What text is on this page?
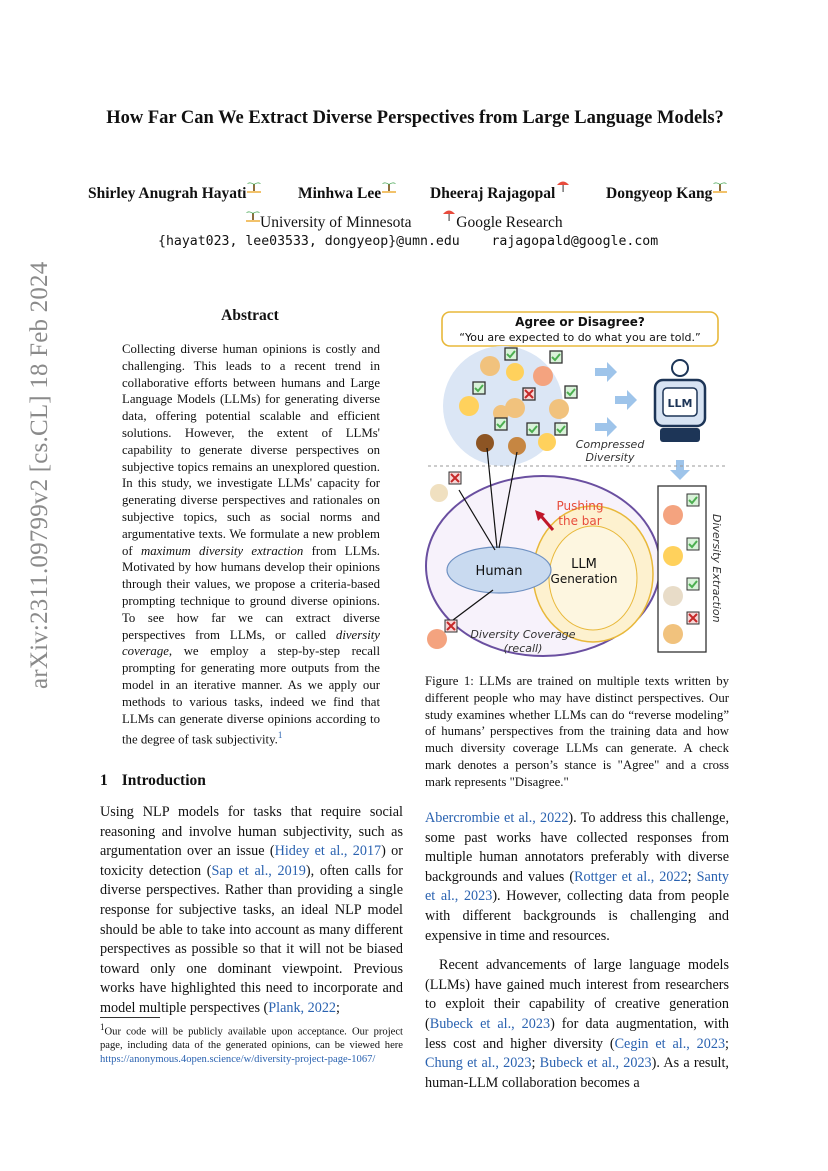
arXiv:2311.09799v2 [cs.CL] 18 Feb 2024
How Far Can We Extract Diverse Perspectives from Large Language Models?
Shirley Anugrah Hayati	Minhwa Lee	Dheeraj Rajagopal	Dongyeop Kang
University of Minnesota	Google Research
{hayat023, lee03533, dongyeop}@umn.edu    rajagopald@google.com
Abstract
Collecting diverse human opinions is costly and challenging. This leads to a recent trend in collaborative efforts between humans and Large Language Models (LLMs) for generating diverse data, offering potential scalable and efficient solutions. However, the extent of LLMs' capability to generate diverse perspectives on subjective topics remains an unexplored question. In this study, we investigate LLMs' capacity for generating diverse perspectives and rationales on subjective topics, such as social norms and argumentative texts. We formulate a new problem of maximum diversity extraction from LLMs. Motivated by how humans develop their opinions through their values, we propose a criteria-based prompting technique to ground diverse opinions. To see how far we can extract diverse perspectives from LLMs, or called diversity coverage, we employ a step-by-step recall prompting for generating more outputs from the model in an iterative manner. As we apply our methods to various tasks, indeed we find that LLMs can generate diverse opinions according to the degree of task subjectivity.$^1$
1 Introduction
Using NLP models for tasks that require social reasoning and involve human subjectivity, such as argumentation over an issue (Hidey et al., 2017) or toxicity detection (Sap et al., 2019), often calls for diverse perspectives. Rather than providing a single response for subjective tasks, an ideal NLP model should be able to take into account as many different perspectives as possible so that it will not be biased toward only one dominant viewpoint. Previous works have highlighted this need to incorporate and model multiple perspectives (Plank, 2022;
$^1$Our code will be publicly available upon acceptance. Our project page, including data of the generated opinions, can be viewed here https://anonymous.4open.science/w/diversity-project-page-1067/
Agree or Disagree?
“You are expected to do what you are told.”
LLM
Compressed
Diversity
Human	LLM
Generation
Pushing
the bar
Diversity Coverage
(recall)
Diversity Extraction
Figure 1: LLMs are trained on multiple texts written by different people who may have distinct perspectives. Our study examines whether LLMs can do “reverse modeling” of humans’ perspectives from the training data and how much diversity coverage LLMs can generate. A check mark denotes a person’s stance is "Agree" and a cross mark represents "Disagree."

Abercrombie et al., 2022). To address this challenge, some past works have collected responses from multiple human annotators preferably with diverse backgrounds and values (Rottger et al., 2022; Santy et al., 2023). However, collecting data from people with different backgrounds is challenging and expensive in time and resources.

Recent advancements of large language models (LLMs) have gained much interest from researchers to exploit their capability of creative generation (Bubeck et al., 2023) for data augmentation, with less cost and higher diversity (Cegin et al., 2023; Chung et al., 2023; Bubeck et al., 2023). As a result, human-LLM collaboration becomes a
